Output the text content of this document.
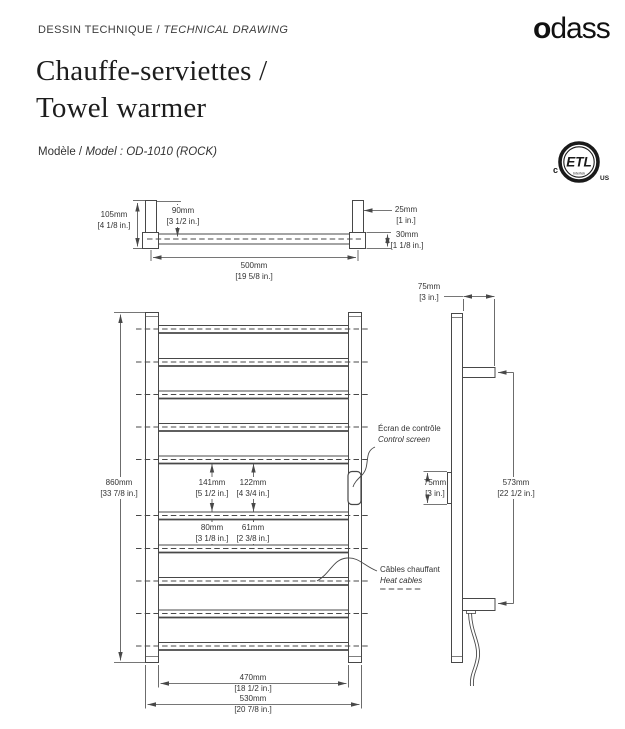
DESSIN TECHNIQUE / TECHNICAL DRAWING	odass
Chauffe-serviettes /
Towel warmer
Modèle / Model : OD-1010 (ROCK)
ETL
Intertek
c
US
105mm
[4 1/8 in.]
90mm
[3 1/2 in.]
25mm
[1 in.]
30mm
[1 1/8 in.]
500mm
[19 5/8 in.]
860mm
[33 7/8 in.]
141mm
[5 1/2 in.]
122mm
[4 3/4 in.]
80mm
[3 1/8 in.]
61mm
[2 3/8 in.]
470mm
[18 1/2 in.]
530mm
[20 7/8 in.]
75mm
[3 in.]
573mm
[22 1/2 in.]
75mm
[3 in.]
Écran de contrôle
Control screen
Câbles chauffant
Heat cables
